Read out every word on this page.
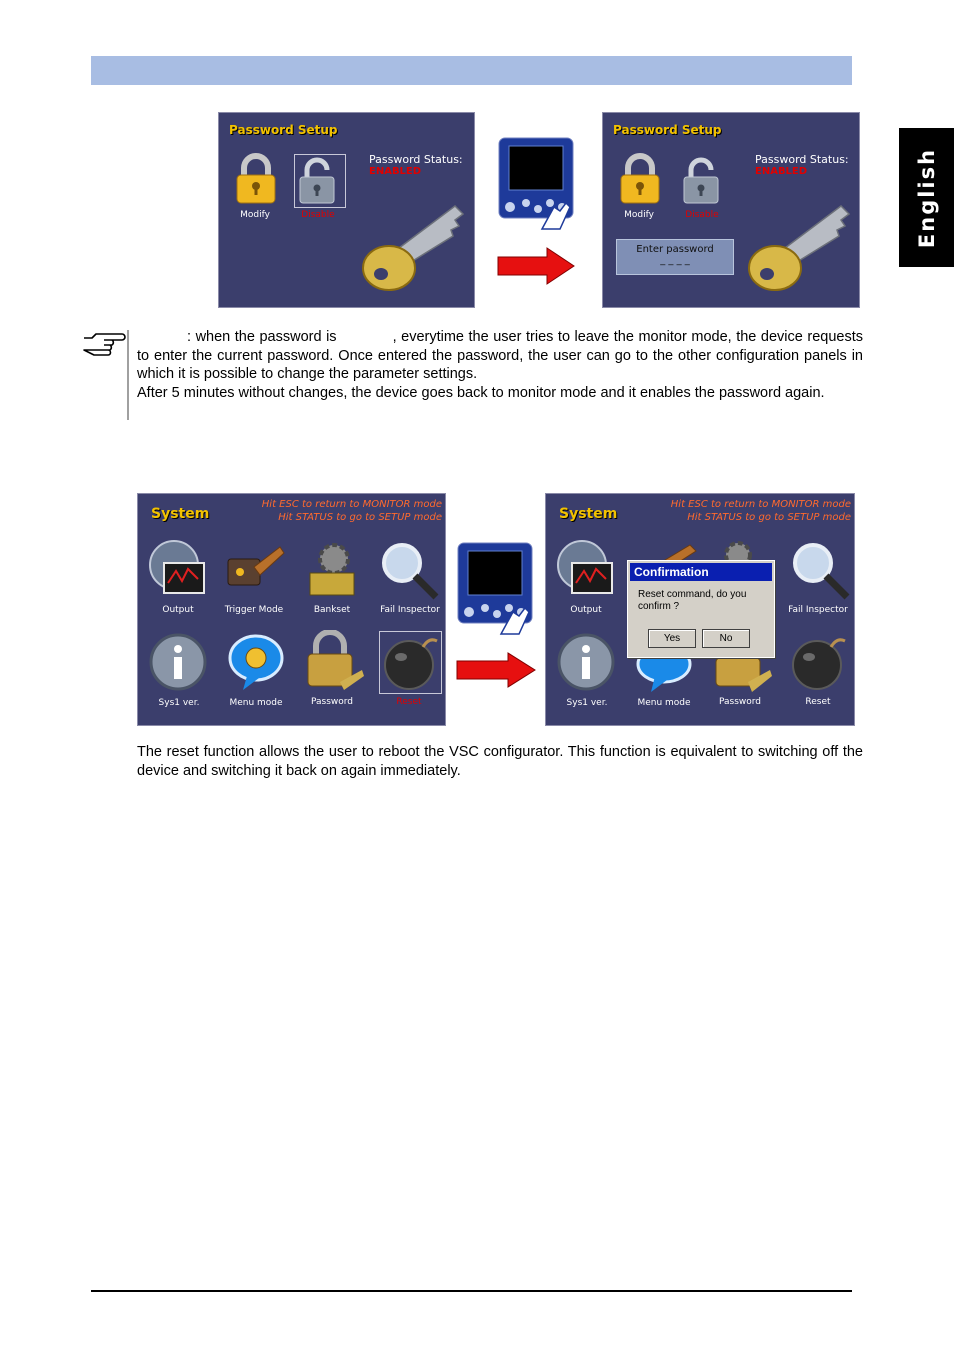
English
Password Setup
Modify	Disable
Password Status:
ENABLED
Password Setup
Modify	Disable
Password Status:
ENABLED
Enter password
_ _ _ _
: when the password is	, everytime the user tries to leave the monitor mode, the device requests to enter the current password. Once entered the password, the user can go to the other configuration panels in which it is possible to change the parameter settings.
After 5 minutes without changes, the device goes back to monitor mode and it enables the password again.
System
Hit ESC to return to MONITOR mode
Hit STATUS to go to SETUP mode
Output	Trigger Mode	Bankset	Fail Inspector
Sys1 ver.	Menu mode	Password	Reset
System
Hit ESC to return to MONITOR mode
Hit STATUS to go to SETUP mode
Output	Fail Inspector
Sys1 ver.	Menu mode	Password	Reset
Confirmation
Reset command, do you confirm ?
Yes	No
The reset function allows the user to reboot the VSC configurator. This function is equivalent to switching off the device and switching it back on again immediately.
